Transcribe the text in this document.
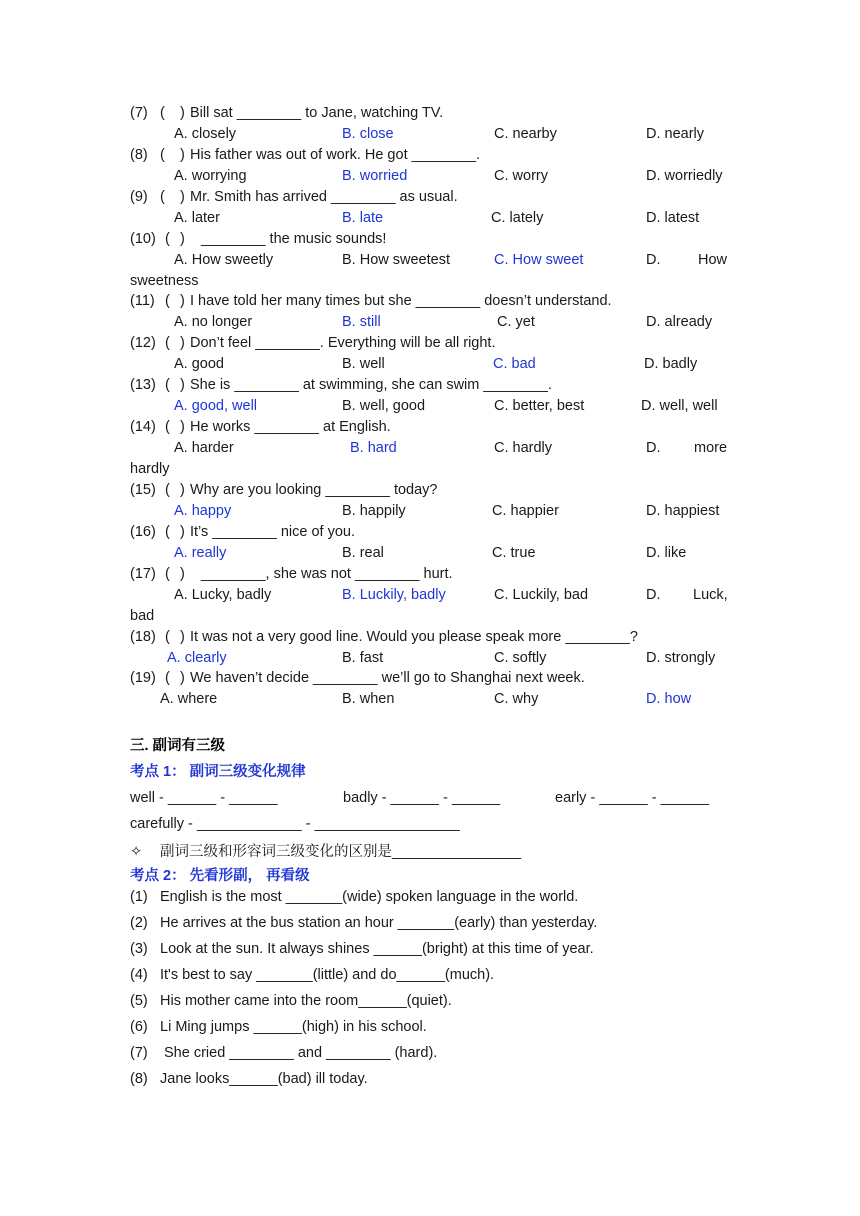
(7) ( ) Bill sat ________ to Jane, watching TV.
A. closely	B. close	C. nearby	D. nearly
(8) ( ) His father was out of work. He got ________.
A. worrying	B. worried	C. worry	D. worriedly
(9) ( ) Mr. Smith has arrived ________ as usual.
A. later	B. late	C. lately	D. latest
(10) ( ) ________ the music sounds!
A. How sweetly	B. How sweetest	C. How sweet	D.	How
sweetness
(11) ( ) I have told her many times but she ________ doesn’t understand.
A. no longer	B. still	C. yet	D. already
(12) ( ) Don’t feel ________. Everything will be all right.
A. good	B. well	C. bad	D. badly
(13) ( ) She is ________ at swimming, she can swim ________.
A. good, well	B. well, good	C. better, best	D. well, well
(14) ( ) He works ________ at English.
A. harder	B. hard	C. hardly	D. more
hardly
(15) ( ) Why are you looking ________ today?
A. happy	B. happily	C. happier	D. happiest
(16) ( ) It’s ________ nice of you.
A. really	B. real	C. true	D. like
(17) ( ) ________, she was not ________ hurt.
A. Lucky, badly	B. Luckily, badly	C. Luckily, bad	D. Luck,
bad
(18) ( ) It was not a very good line. Would you please speak more ________?
A. clearly	B. fast	C. softly	D. strongly
(19) ( ) We haven’t decide ________ we’ll go to Shanghai next week.
A. where	B. when	C. why	D. how
三. 副词有三级
考点 1： 副词三级变化规律
well - ______ - ______	badly - ______ - ______	early - ______ - ______
carefully - _____________ - __________________
✧ 副词三级和形容词三级变化的区别是________________
考点 2： 先看形副， 再看级
(1) English is the most _______(wide) spoken language in the world.
(2) He arrives at the bus station an hour _______(early) than yesterday.
(3) Look at the sun. It always shines ______(bright) at this time of year.
(4) It's best to say _______(little) and do______(much).
(5) His mother came into the room______(quiet).
(6) Li Ming jumps ______(high) in his school.
(7) She cried ________ and ________ (hard).
(8) Jane looks______(bad) ill today.
